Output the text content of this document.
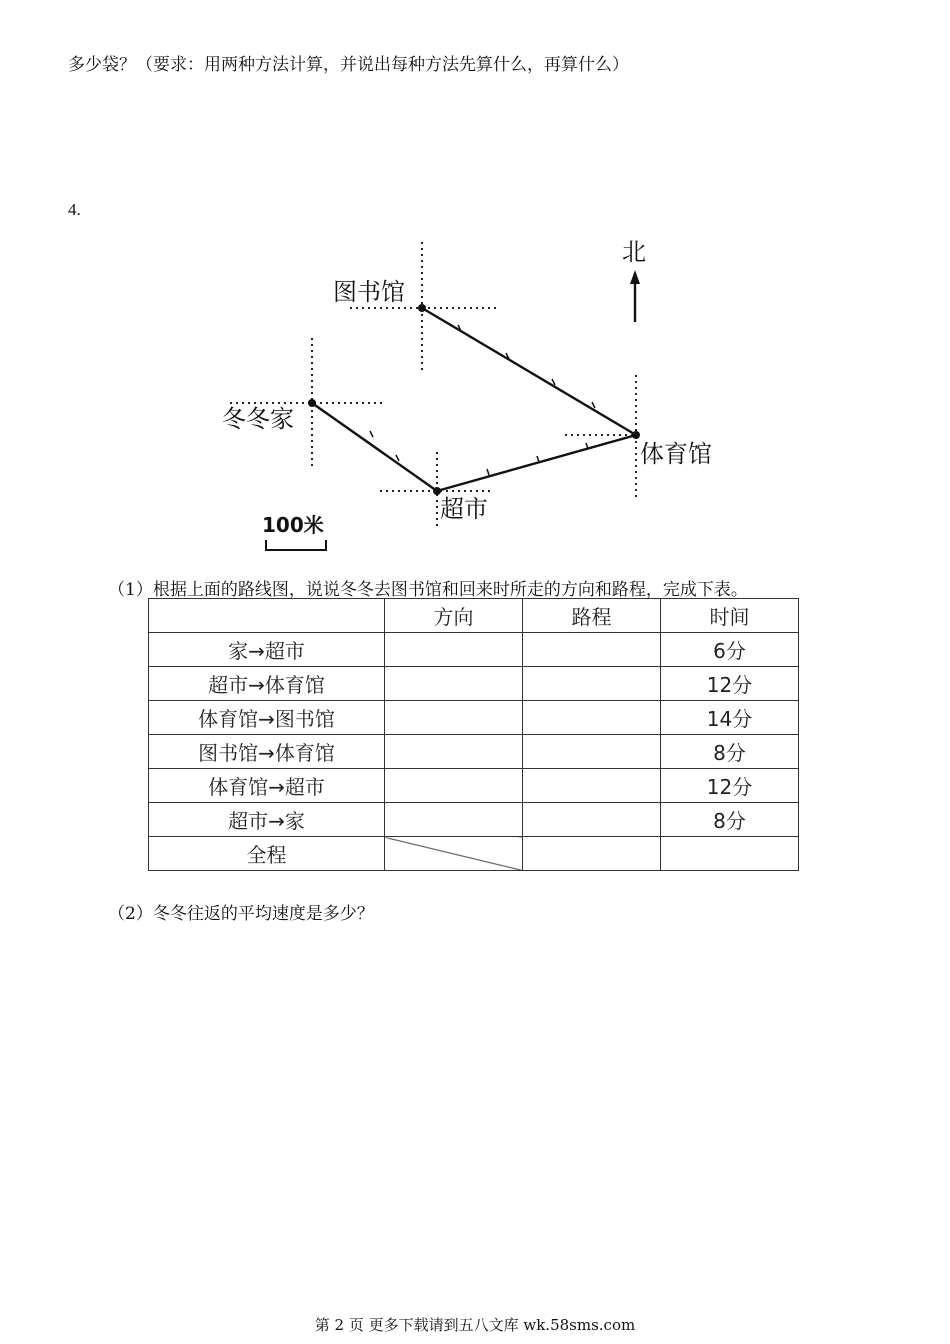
多少袋？（要求：用两种方法计算，并说出每种方法先算什么，再算什么）
4.
图书馆
冬冬家
体育馆
超市
北
100米
（1）根据上面的路线图，说说冬冬去图书馆和回来时所走的方向和路程，完成下表。
	方向	路程	时间
家→超市			6分
超市→体育馆			12分
体育馆→图书馆			14分
图书馆→体育馆			8分
体育馆→超市			12分
超市→家			8分
全程			
（2）冬冬往返的平均速度是多少？
第 2 页 更多下载请到五八文库 wk.58sms.com
